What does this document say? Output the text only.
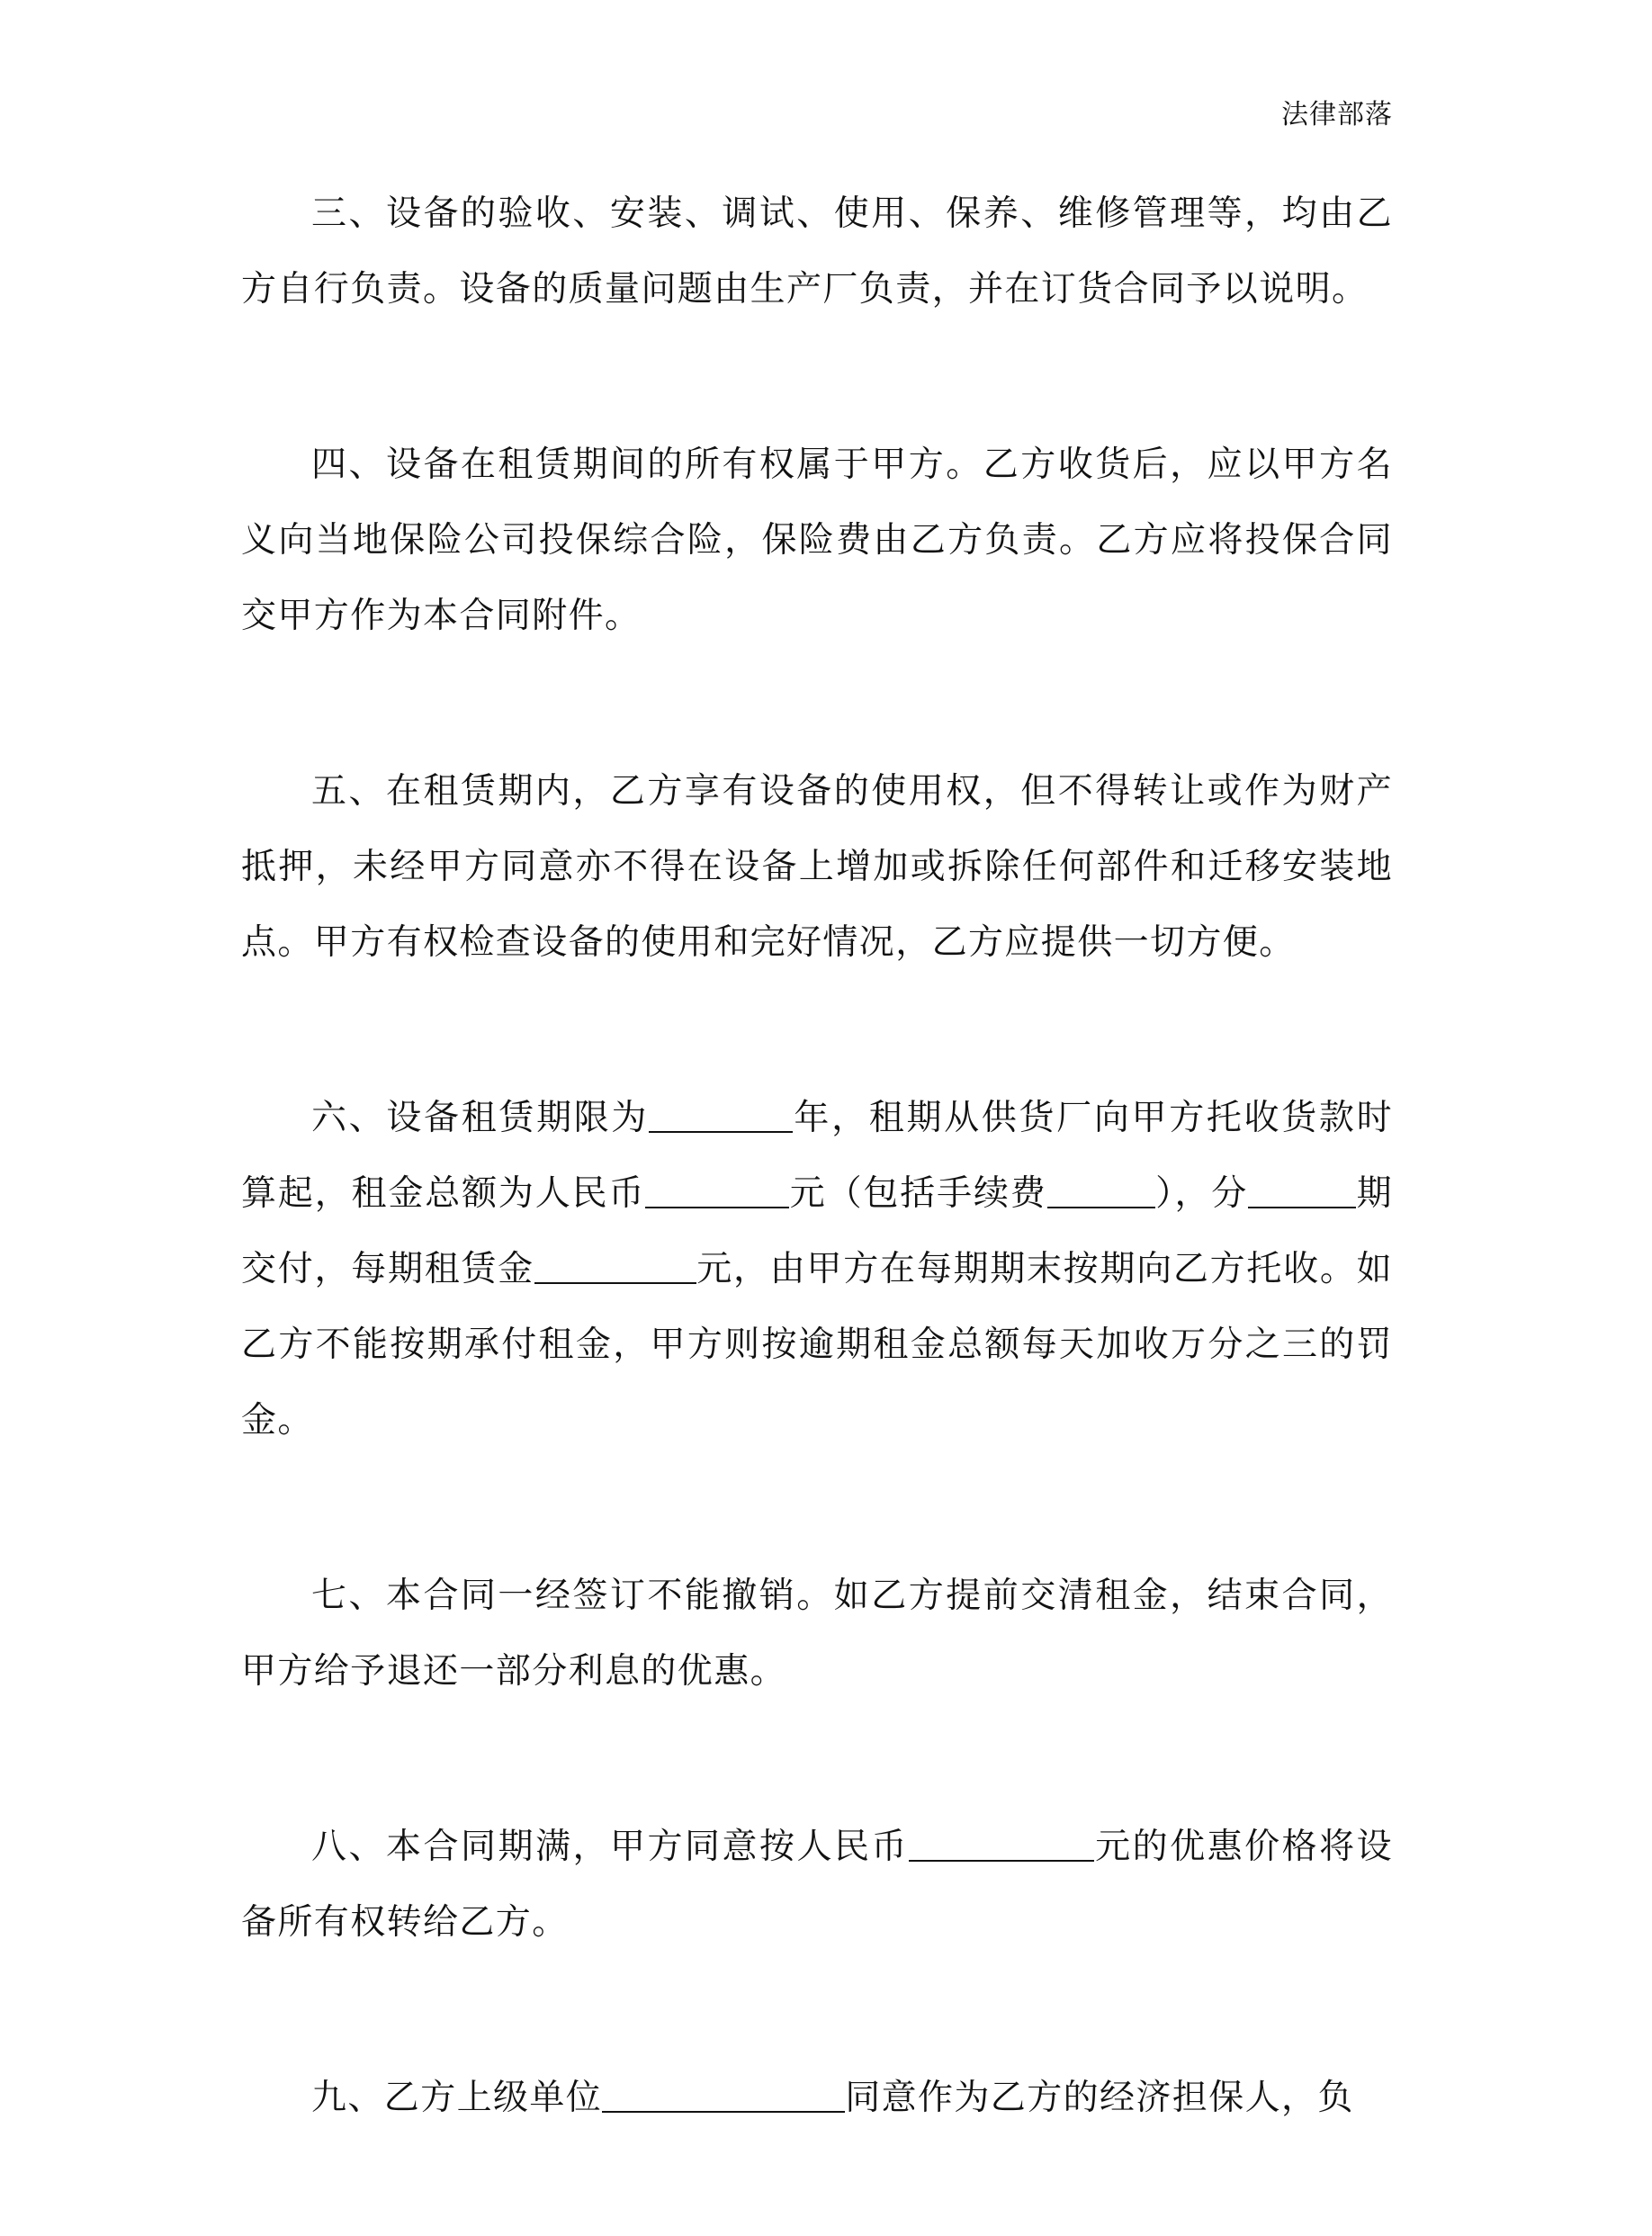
法律部落

三、设备的验收、安装、调试、使用、保养、维修管理等，均由乙方自行负责。设备的质量问题由生产厂负责，并在订货合同予以说明。

四、设备在租赁期间的所有权属于甲方。乙方收货后，应以甲方名义向当地保险公司投保综合险，保险费由乙方负责。乙方应将投保合同交甲方作为本合同附件。

五、在租赁期内，乙方享有设备的使用权，但不得转让或作为财产抵押，未经甲方同意亦不得在设备上增加或拆除任何部件和迁移安装地点。甲方有权检查设备的使用和完好情况，乙方应提供一切方便。

六、设备租赁期限为	年，租期从供货厂向甲方托收货款时算起，租金总额为人民币	元（包括手续费	），分	期交付，每期租赁金	元，由甲方在每期期末按期向乙方托收。如乙方不能按期承付租金，甲方则按逾期租金总额每天加收万分之三的罚金。

七、本合同一经签订不能撤销。如乙方提前交清租金，结束合同，甲方给予退还一部分利息的优惠。

八、本合同期满，甲方同意按人民币	元的优惠价格将设备所有权转给乙方。

九、乙方上级单位	同意作为乙方的经济担保人，负
